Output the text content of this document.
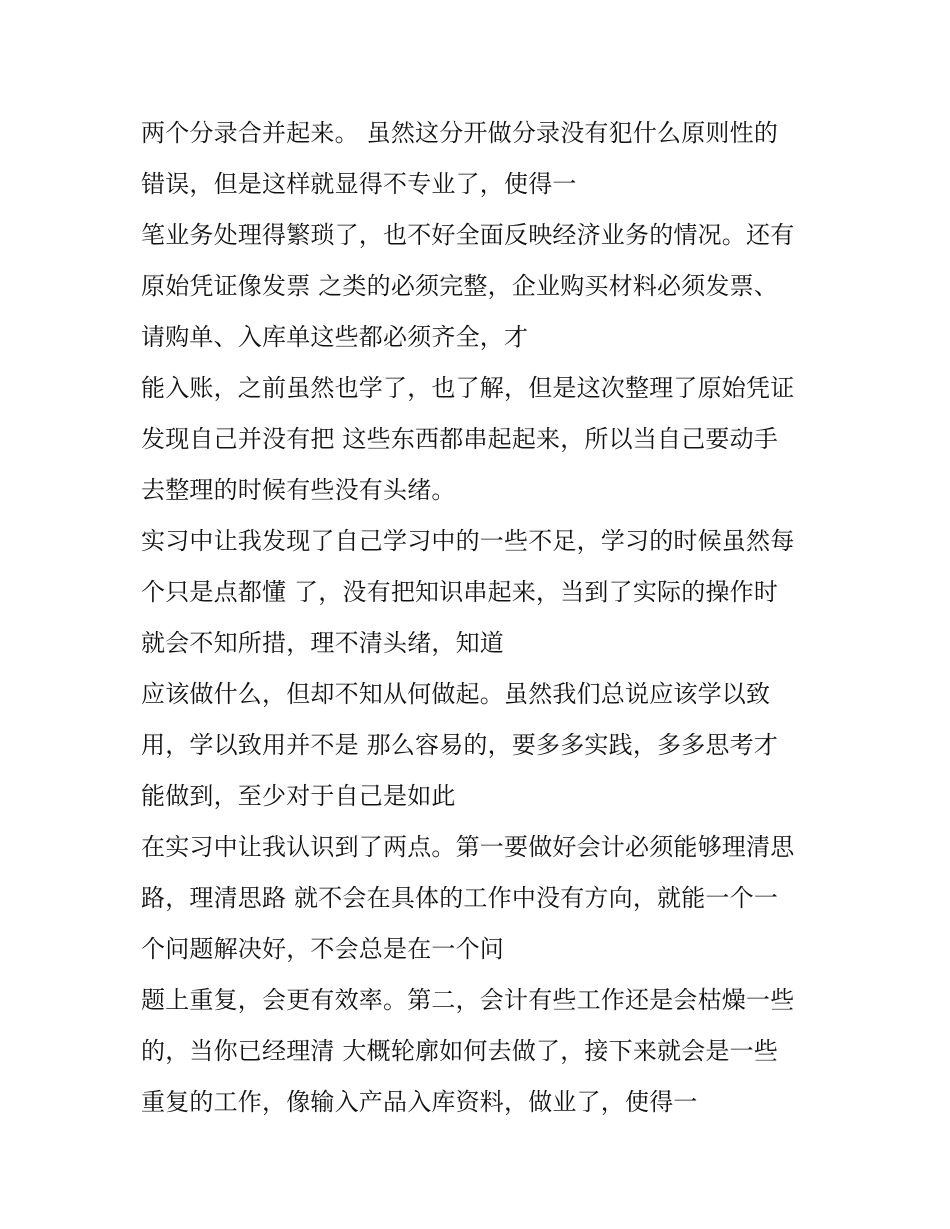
两个分录合并起来。 虽然这分开做分录没有犯什么原则性的
错误，但是这样就显得不专业了，使得一
笔业务处理得繁琐了，也不好全面反映经济业务的情况。还有
原始凭证像发票 之类的必须完整，企业购买材料必须发票、
请购单、入库单这些都必须齐全，才
能入账，之前虽然也学了，也了解，但是这次整理了原始凭证
发现自己并没有把 这些东西都串起起来，所以当自己要动手
去整理的时候有些没有头绪。
实习中让我发现了自己学习中的一些不足，学习的时候虽然每
个只是点都懂 了，没有把知识串起来，当到了实际的操作时
就会不知所措，理不清头绪，知道
应该做什么，但却不知从何做起。虽然我们总说应该学以致
用，学以致用并不是 那么容易的，要多多实践，多多思考才
能做到，至少对于自己是如此
在实习中让我认识到了两点。第一要做好会计必须能够理清思
路，理清思路 就不会在具体的工作中没有方向，就能一个一
个问题解决好，不会总是在一个问
题上重复，会更有效率。第二，会计有些工作还是会枯燥一些
的，当你已经理清 大概轮廓如何去做了，接下来就会是一些
重复的工作，像输入产品入库资料，做业了，使得一
